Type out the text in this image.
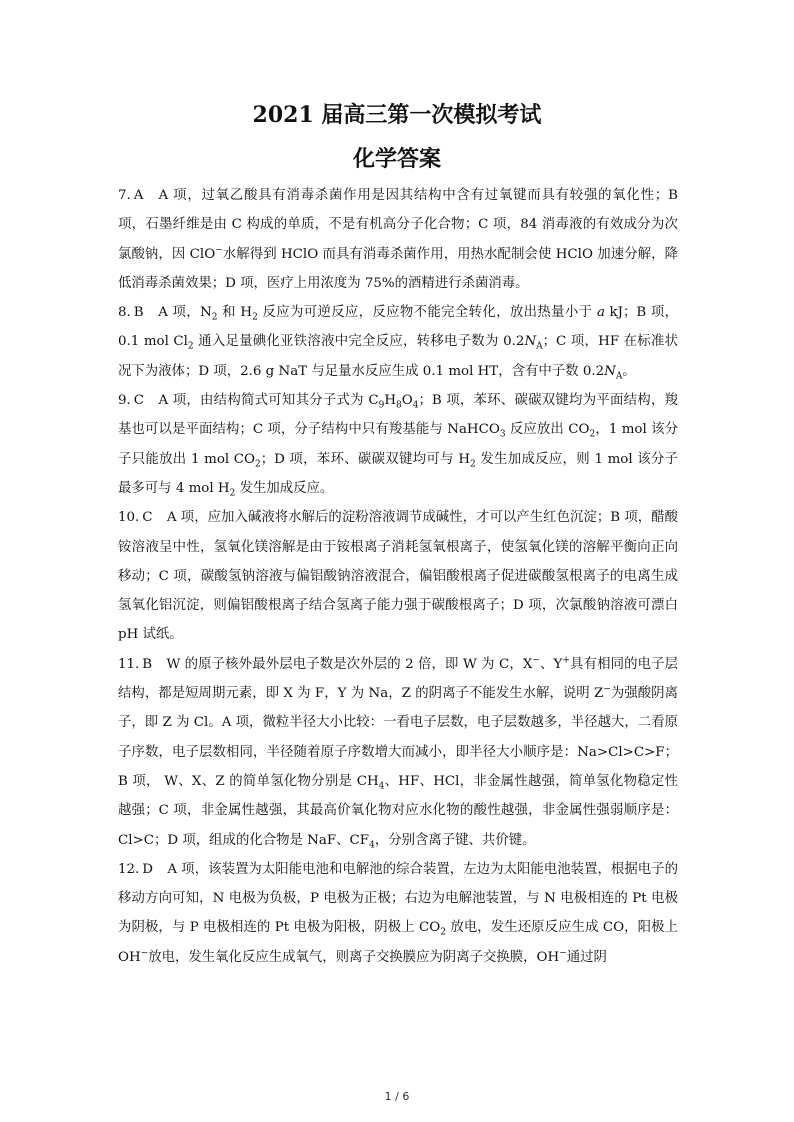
2021 届高三第一次模拟考试
化学答案

7. A A 项，过氧乙酸具有消毒杀菌作用是因其结构中含有过氧键而具有较强的氧化性；B 项，石墨纤维是由 C 构成的单质，不是有机高分子化合物；C 项，84 消毒液的有效成分为次氯酸钠，因 ClO−水解得到 HClO 而具有消毒杀菌作用，用热水配制会使 HClO 加速分解，降低消毒杀菌效果；D 项，医疗上用浓度为 75%的酒精进行杀菌消毒。

8. B A 项，$N_2$ 和 $H_2$ 反应为可逆反应，反应物不能完全转化，放出热量小于 a kJ；B 项，0.1 mol $Cl_2$ 通入足量碘化亚铁溶液中完全反应，转移电子数为 $0.2N_A$；C 项，HF 在标准状况下为液体；D 项，2.6 g NaT 与足量水反应生成 0.1 mol HT，含有中子数 $0.2N_A$。

9. C A 项，由结构简式可知其分子式为 $C_9H_8O_4$；B 项，苯环、碳碳双键均为平面结构，羧基也可以是平面结构；C 项，分子结构中只有羧基能与 NaHCO$_3$ 反应放出 $CO_2$，1 mol 该分子只能放出 1 mol $CO_2$；D 项，苯环、碳碳双键均可与 $H_2$ 发生加成反应，则 1 mol 该分子最多可与 4 mol $H_2$ 发生加成反应。

10. C A 项，应加入碱液将水解后的淀粉溶液调节成碱性，才可以产生红色沉淀；B 项，醋酸铵溶液呈中性，氢氧化镁溶解是由于铵根离子消耗氢氧根离子，使氢氧化镁的溶解平衡向正向移动；C 项，碳酸氢钠溶液与偏铝酸钠溶液混合，偏铝酸根离子促进碳酸氢根离子的电离生成氢氧化铝沉淀，则偏铝酸根离子结合氢离子能力强于碳酸根离子；D 项，次氯酸钠溶液可漂白 pH 试纸。

11. B W 的原子核外最外层电子数是次外层的 2 倍，即 W 为 C，X−、Y+具有相同的电子层结构，都是短周期元素，即 X 为 F，Y 为 Na，Z 的阴离子不能发生水解，说明 Z−为强酸阴离子，即 Z 为 Cl。A 项，微粒半径大小比较：一看电子层数，电子层数越多，半径越大，二看原子序数，电子层数相同，半径随着原子序数增大而减小，即半径大小顺序是：Na>Cl>C>F；B 项， W、X、Z 的简单氢化物分别是 $CH_4$、HF、HCl，非金属性越强，简单氢化物稳定性越强；C 项，非金属性越强，其最高价氧化物对应水化物的酸性越强，非金属性强弱顺序是：Cl>C；D 项，组成的化合物是 NaF、$CF_4$，分别含离子键、共价键。

12. D A 项，该装置为太阳能电池和电解池的综合装置，左边为太阳能电池装置，根据电子的移动方向可知，N 电极为负极，P 电极为正极；右边为电解池装置，与 N 电极相连的 Pt 电极为阴极，与 P 电极相连的 Pt 电极为阳极，阴极上 $CO_2$ 放电，发生还原反应生成 CO，阳极上 OH−放电，发生氧化反应生成氧气，则离子交换膜应为阴离子交换膜，OH−通过阴

1 / 6
